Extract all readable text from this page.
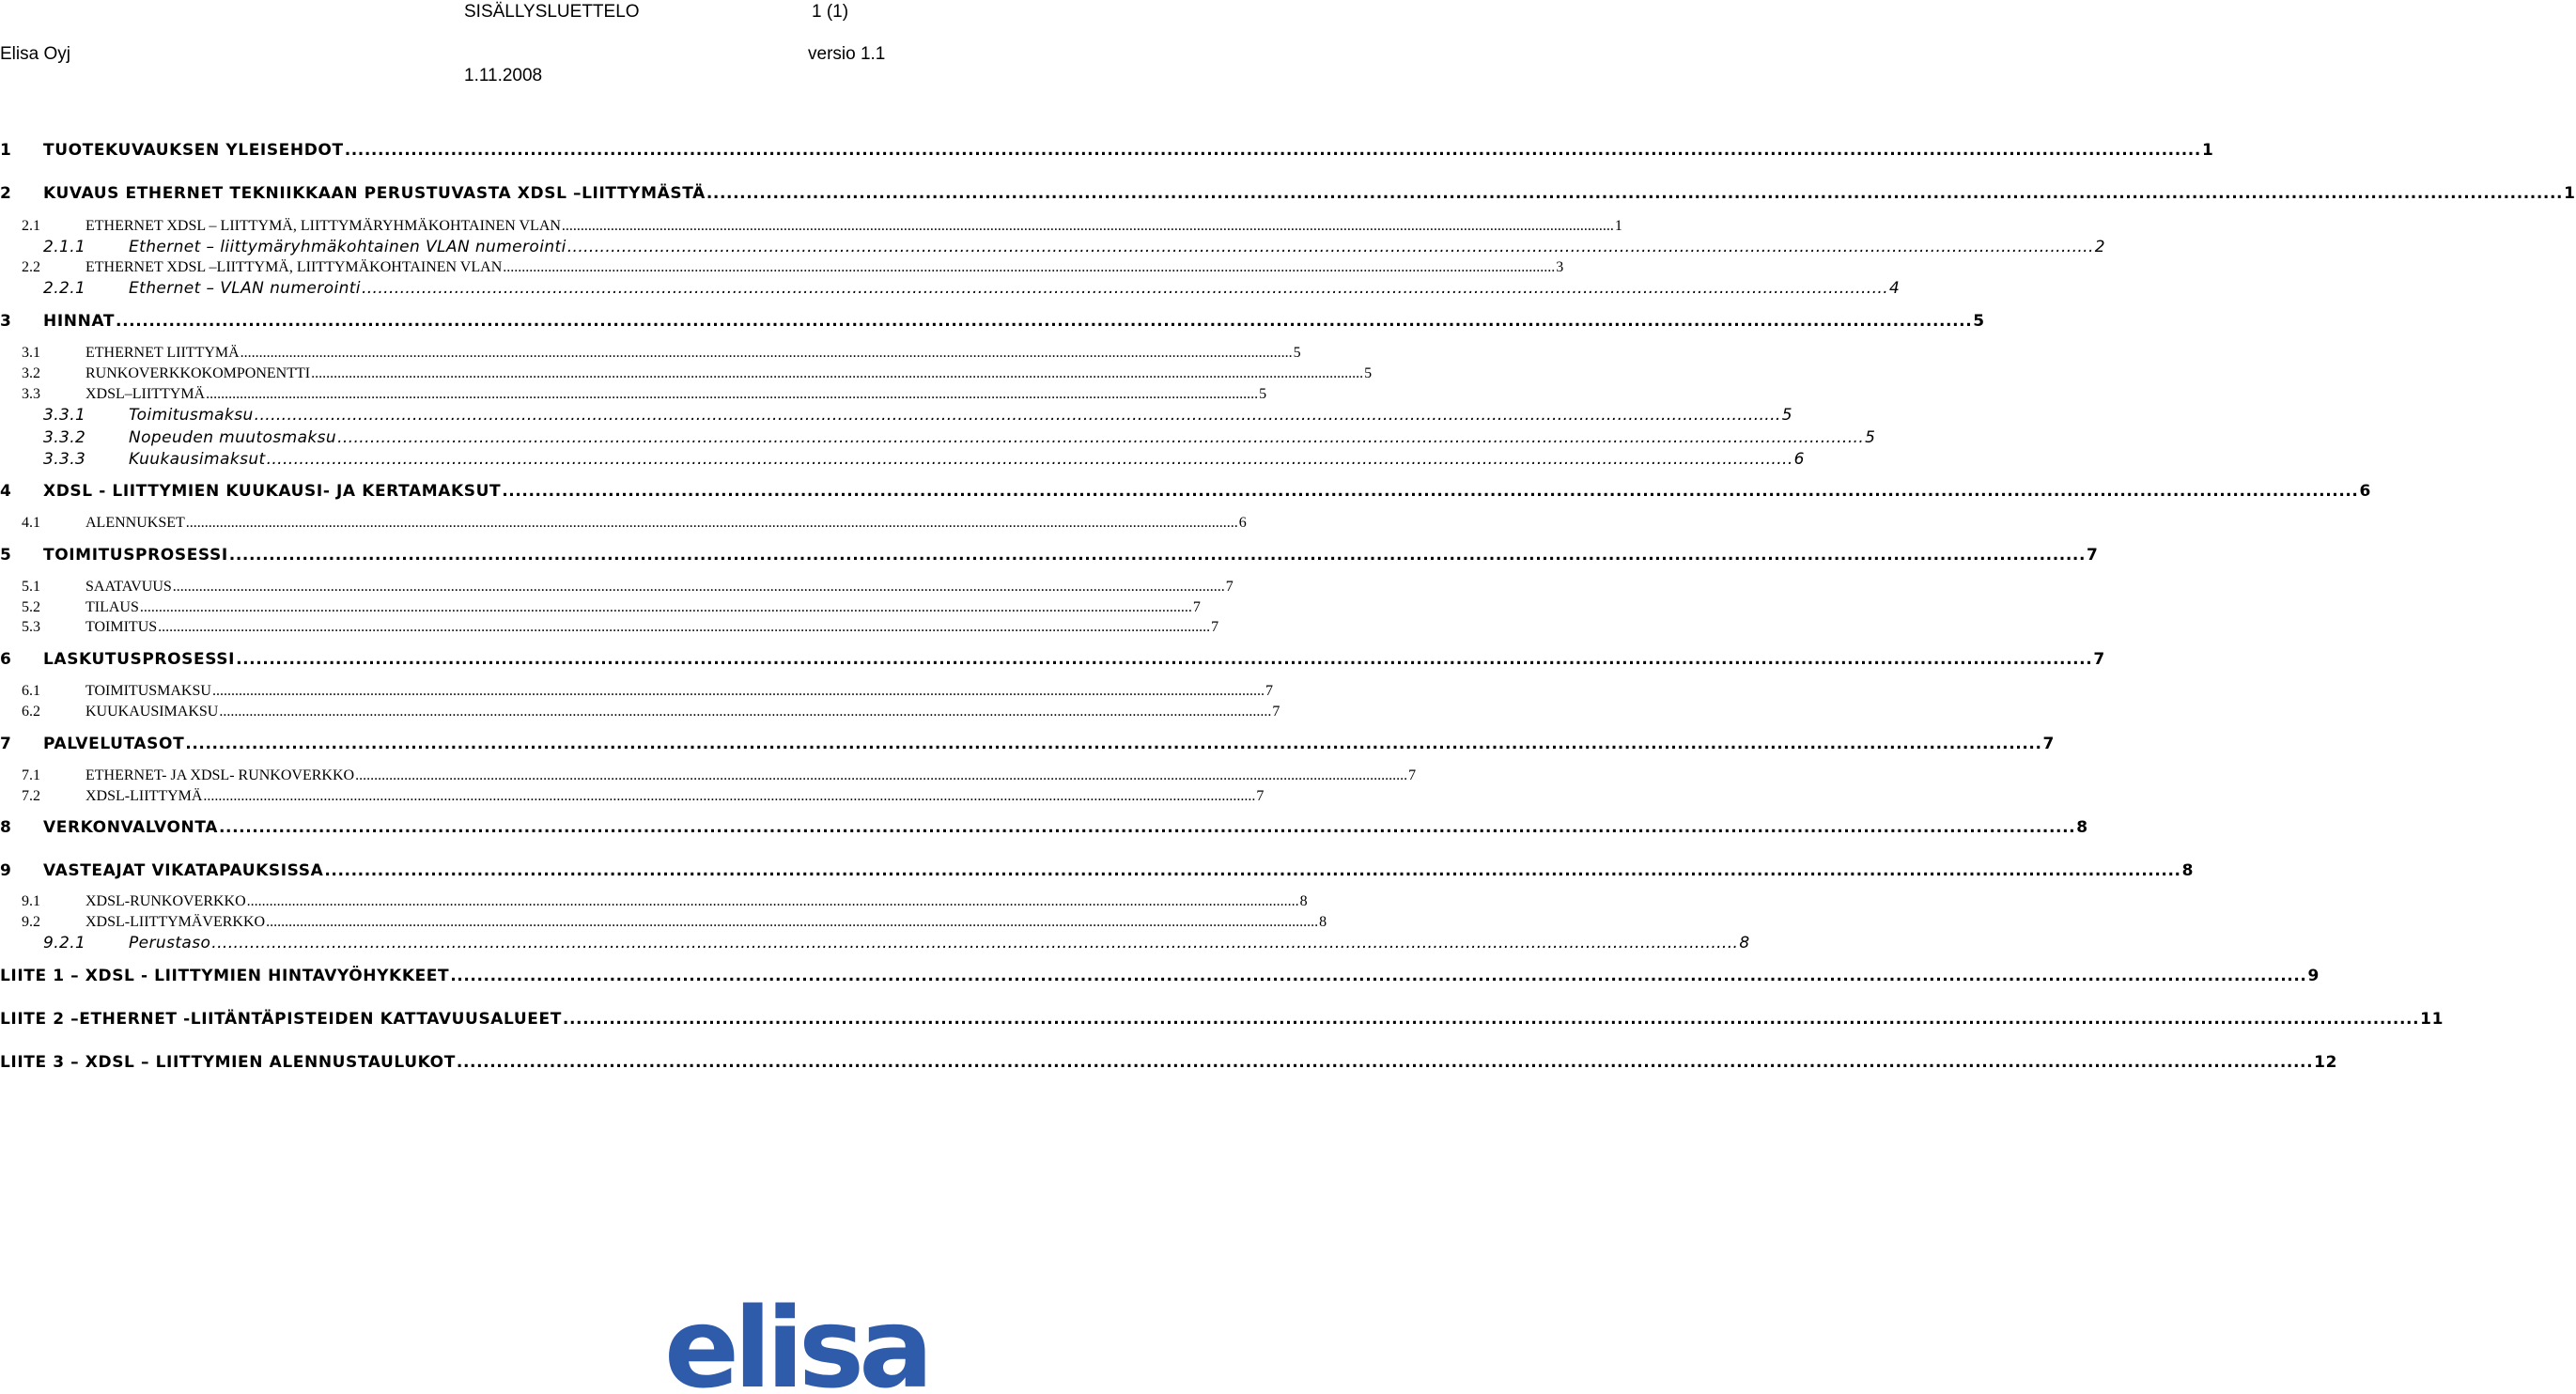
SISÄLLYSLUETTELO	1 (1)
Elisa Oyj	versio 1.1
1.11.2008
1	TUOTEKUVAUKSEN YLEISEHDOT .....	1
2	KUVAUS ETHERNET TEKNIIKKAAN PERUSTUVASTA XDSL –LIITTYMÄSTÄ .....	1
2.1	ETHERNET XDSL – LIITTYMÄ, LIITTYMÄRYHMÄKOHTAINEN VLAN .....	1
2.1.1	Ethernet – liittymäryhmäkohtainen VLAN numerointi .....	2
2.2	ETHERNET XDSL –LIITTYMÄ, LIITTYMÄKOHTAINEN VLAN .....	3
2.2.1	Ethernet – VLAN numerointi .....	4
3	HINNAT .....	5
3.1	ETHERNET LIITTYMÄ .....	5
3.2	RUNKOVERKKOKOMPONENTTI .....	5
3.3	XDSL–LIITTYMÄ .....	5
3.3.1	Toimitusmaksu .....	5
3.3.2	Nopeuden muutosmaksu .....	5
3.3.3	Kuukausimaksut .....	6
4	XDSL - LIITTYMIEN KUUKAUSI- JA KERTAMAKSUT .....	6
4.1	ALENNUKSET .....	6
5	TOIMITUSPROSESSI .....	7
5.1	SAATAVUUS .....	7
5.2	TILAUS .....	7
5.3	TOIMITUS .....	7
6	LASKUTUSPROSESSI .....	7
6.1	TOIMITUSMAKSU .....	7
6.2	KUUKAUSIMAKSU .....	7
7	PALVELUTASOT .....	7
7.1	ETHERNET- JA XDSL- RUNKOVERKKO .....	7
7.2	XDSL-LIITTYMÄ .....	7
8	VERKONVALVONTA .....	8
9	VASTEAJAT VIKATAPAUKSISSA .....	8
9.1	XDSL-RUNKOVERKKO .....	8
9.2	XDSL-LIITTYMÄVERKKO .....	8
9.2.1	Perustaso .....	8
LIITE 1 – XDSL - LIITTYMIEN HINTAVYÖHYKKEET .....	9
LIITE 2 –ETHERNET -LIITÄNTÄPISTEIDEN KATTAVUUSALUEET .....	11
LIITE 3 – XDSL – LIITTYMIEN ALENNUSTAULUKOT .....	12
elisa
